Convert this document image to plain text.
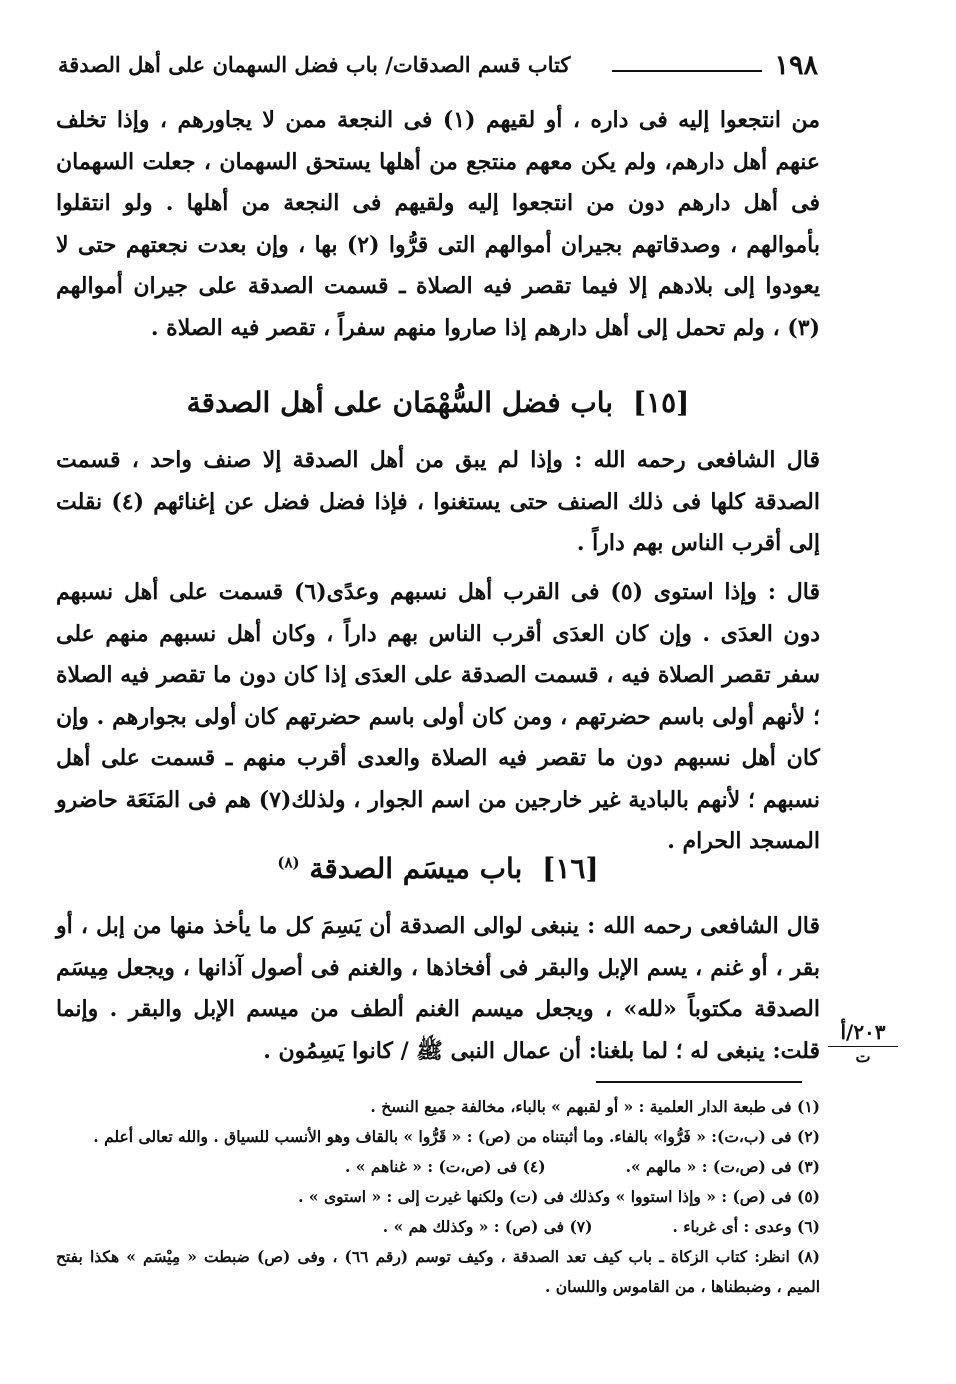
١٩٨
كتاب قسم الصدقات/ باب فضل السهمان على أهل الصدقة

من انتجعوا إليه فى داره ، أو لقيهم (١) فى النجعة ممن لا يجاورهم ، وإذا تخلف عنهم أهل دارهم، ولم يكن معهم منتجع من أهلها يستحق السهمان ، جعلت السهمان فى أهل دارهم دون من انتجعوا إليه ولقيهم فى النجعة من أهلها . ولو انتقلوا بأموالهم ، وصدقاتهم بجيران أموالهم التى قرُّوا (٢) بها ، وإن بعدت نجعتهم حتى لا يعودوا إلى بلادهم إلا فيما تقصر فيه الصلاة ـ قسمت الصدقة على جيران أموالهم (٣) ، ولم تحمل إلى أهل دارهم إذا صاروا منهم سفراً ، تقصر فيه الصلاة .

[١٥] باب فضل السُّهْمَان على أهل الصدقة

قال الشافعى رحمه الله : وإذا لم يبق من أهل الصدقة إلا صنف واحد ، قسمت الصدقة كلها فى ذلك الصنف حتى يستغنوا ، فإذا فضل فضل عن إغنائهم (٤) نقلت إلى أقرب الناس بهم داراً .

قال : وإذا استوى (٥) فى القرب أهل نسبهم وعدًى(٦) قسمت على أهل نسبهم دون العدَى . وإن كان العدَى أقرب الناس بهم داراً ، وكان أهل نسبهم منهم على سفر تقصر الصلاة فيه ، قسمت الصدقة على العدَى إذا كان دون ما تقصر فيه الصلاة ؛ لأنهم أولى باسم حضرتهم ، ومن كان أولى باسم حضرتهم كان أولى بجوارهم . وإن كان أهل نسبهم دون ما تقصر فيه الصلاة والعدى أقرب منهم ـ قسمت على أهل نسبهم ؛ لأنهم بالبادية غير خارجين من اسم الجوار ، ولذلك(٧) هم فى المَنَعَة حاضرو المسجد الحرام .

[١٦] باب ميسَم الصدقة $^{(٨)}$

قال الشافعى رحمه الله : ينبغى لوالى الصدقة أن يَسِمَ كل ما يأخذ منها من إبل ، أو بقر ، أو غنم ، يسم الإبل والبقر فى أفخاذها ، والغنم فى أصول آذانها ، ويجعل مِيسَم الصدقة مكتوباً «لله» ، ويجعل ميسم الغنم ألطف من ميسم الإبل والبقر . وإنما قلت: ينبغى له ؛ لما بلغنا: أن عمال النبى ﷺ / كانوا يَسِمُون .

٢٠٣/أ
ت

(١) فى طبعة الدار العلمية : « أو لقبهم » بالباء، مخالفة جميع النسخ .

(٢) فى (ب،ت): « فَرُّوا» بالفاء. وما أثبتناه من (ص) : « قَرُّوا » بالقاف وهو الأنسب للسياق . والله تعالى أعلم .

(٣) فى (ص،ت) : « مالهم ».
(٤) فى (ص،ت) : « غناهم » .

(٥) فى (ص) : « وإذا استووا » وكذلك فى (ت) ولكنها غيرت إلى : « استوى » .

(٦) وعدى : أى غرباء .
(٧) فى (ص) : « وكذلك هم » .

(٨) انظر: كتاب الزكاة ـ باب كيف تعد الصدقة ، وكيف توسم (رقم ٦٦) ، وفى (ص) ضبطت « مِيْسَم » هكذا بفتح الميم ، وضبطناها ، من القاموس واللسان .
